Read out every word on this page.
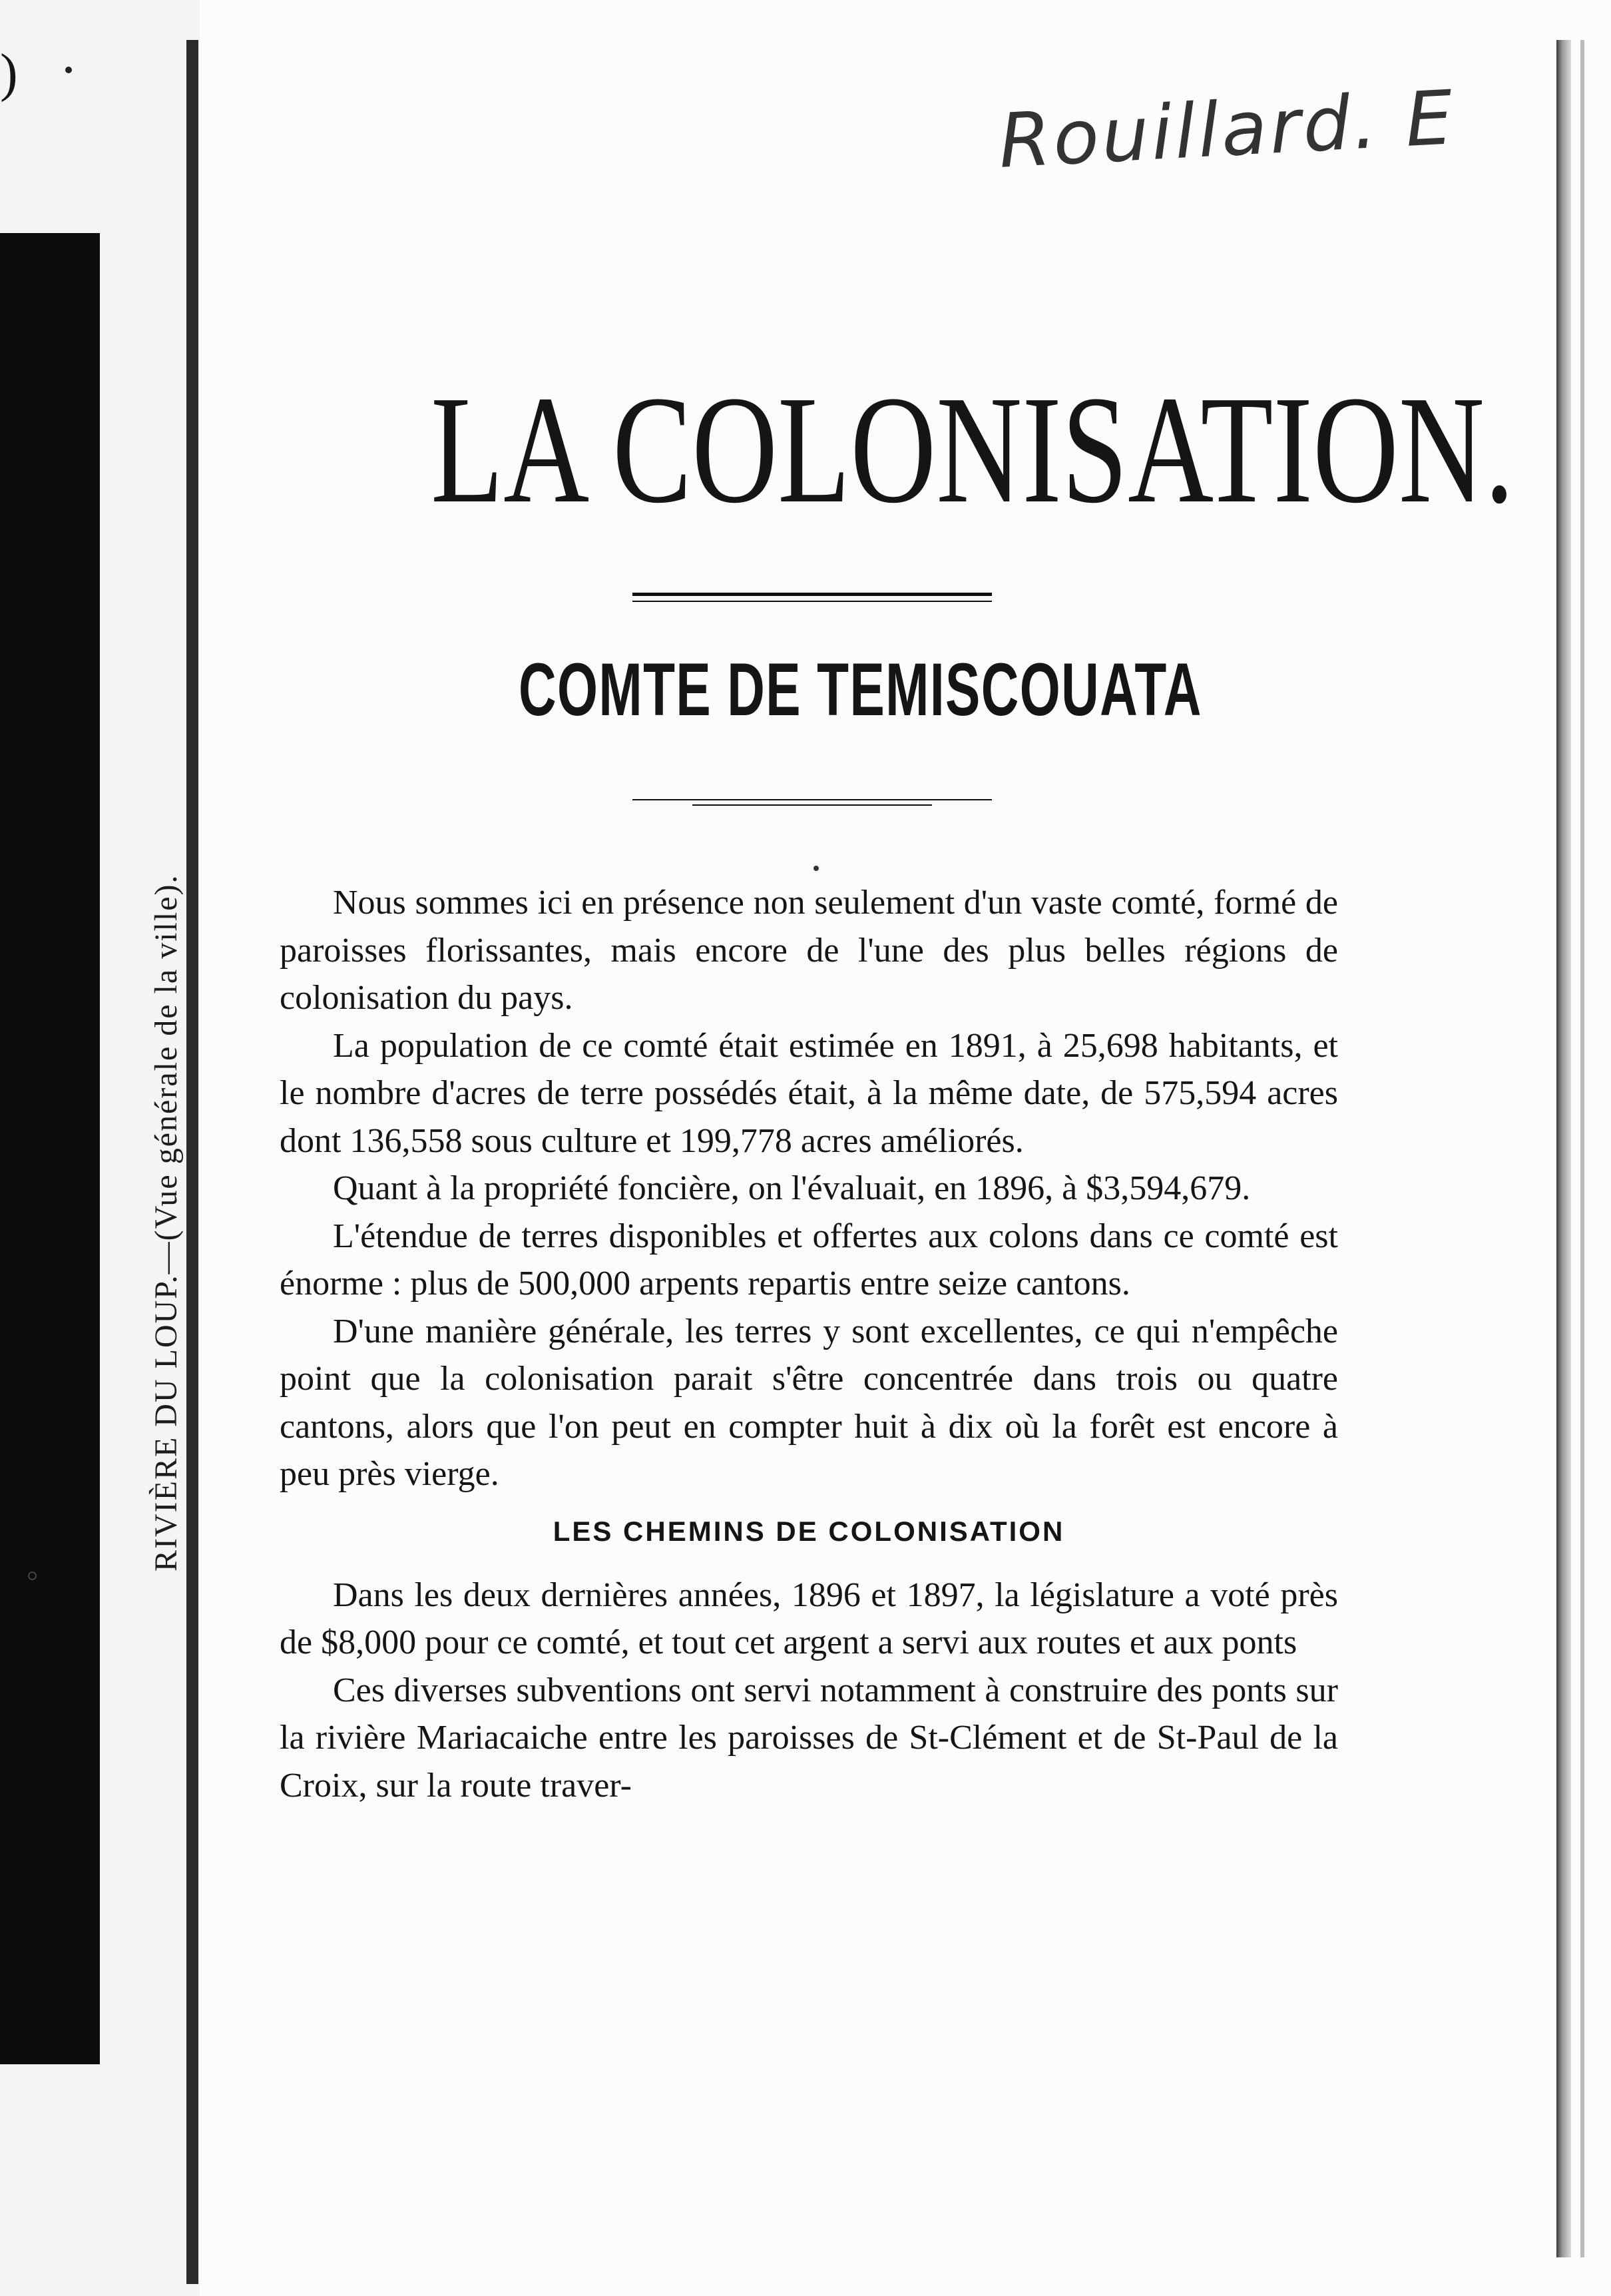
)
RIVIÈRE DU LOUP.—(Vue générale de la ville).
Rouillard. E
LA COLONISATION.
COMTE DE TEMISCOUATA

Nous sommes ici en présence non seulement d'un vaste comté, formé de paroisses florissantes, mais encore de l'une des plus belles régions de colonisation du pays.

La population de ce comté était estimée en 1891, à 25,698 habitants, et le nombre d'acres de terre possédés était, à la même date, de 575,594 acres dont 136,558 sous culture et 199,778 acres améliorés.

Quant à la propriété foncière, on l'évaluait, en 1896, à $3,594,679.

L'étendue de terres disponibles et offertes aux colons dans ce comté est énorme : plus de 500,000 arpents repartis entre seize cantons.

D'une manière générale, les terres y sont excellentes, ce qui n'empêche point que la colonisation parait s'être concentrée dans trois ou quatre cantons, alors que l'on peut en compter huit à dix où la forêt est encore à peu près vierge.

LES CHEMINS DE COLONISATION

Dans les deux dernières années, 1896 et 1897, la législature a voté près de $8,000 pour ce comté, et tout cet argent a servi aux routes et aux ponts

Ces diverses subventions ont servi notamment à construire des ponts sur la rivière Mariacaiche entre les paroisses de St-Clément et de St-Paul de la Croix, sur la route traver-
